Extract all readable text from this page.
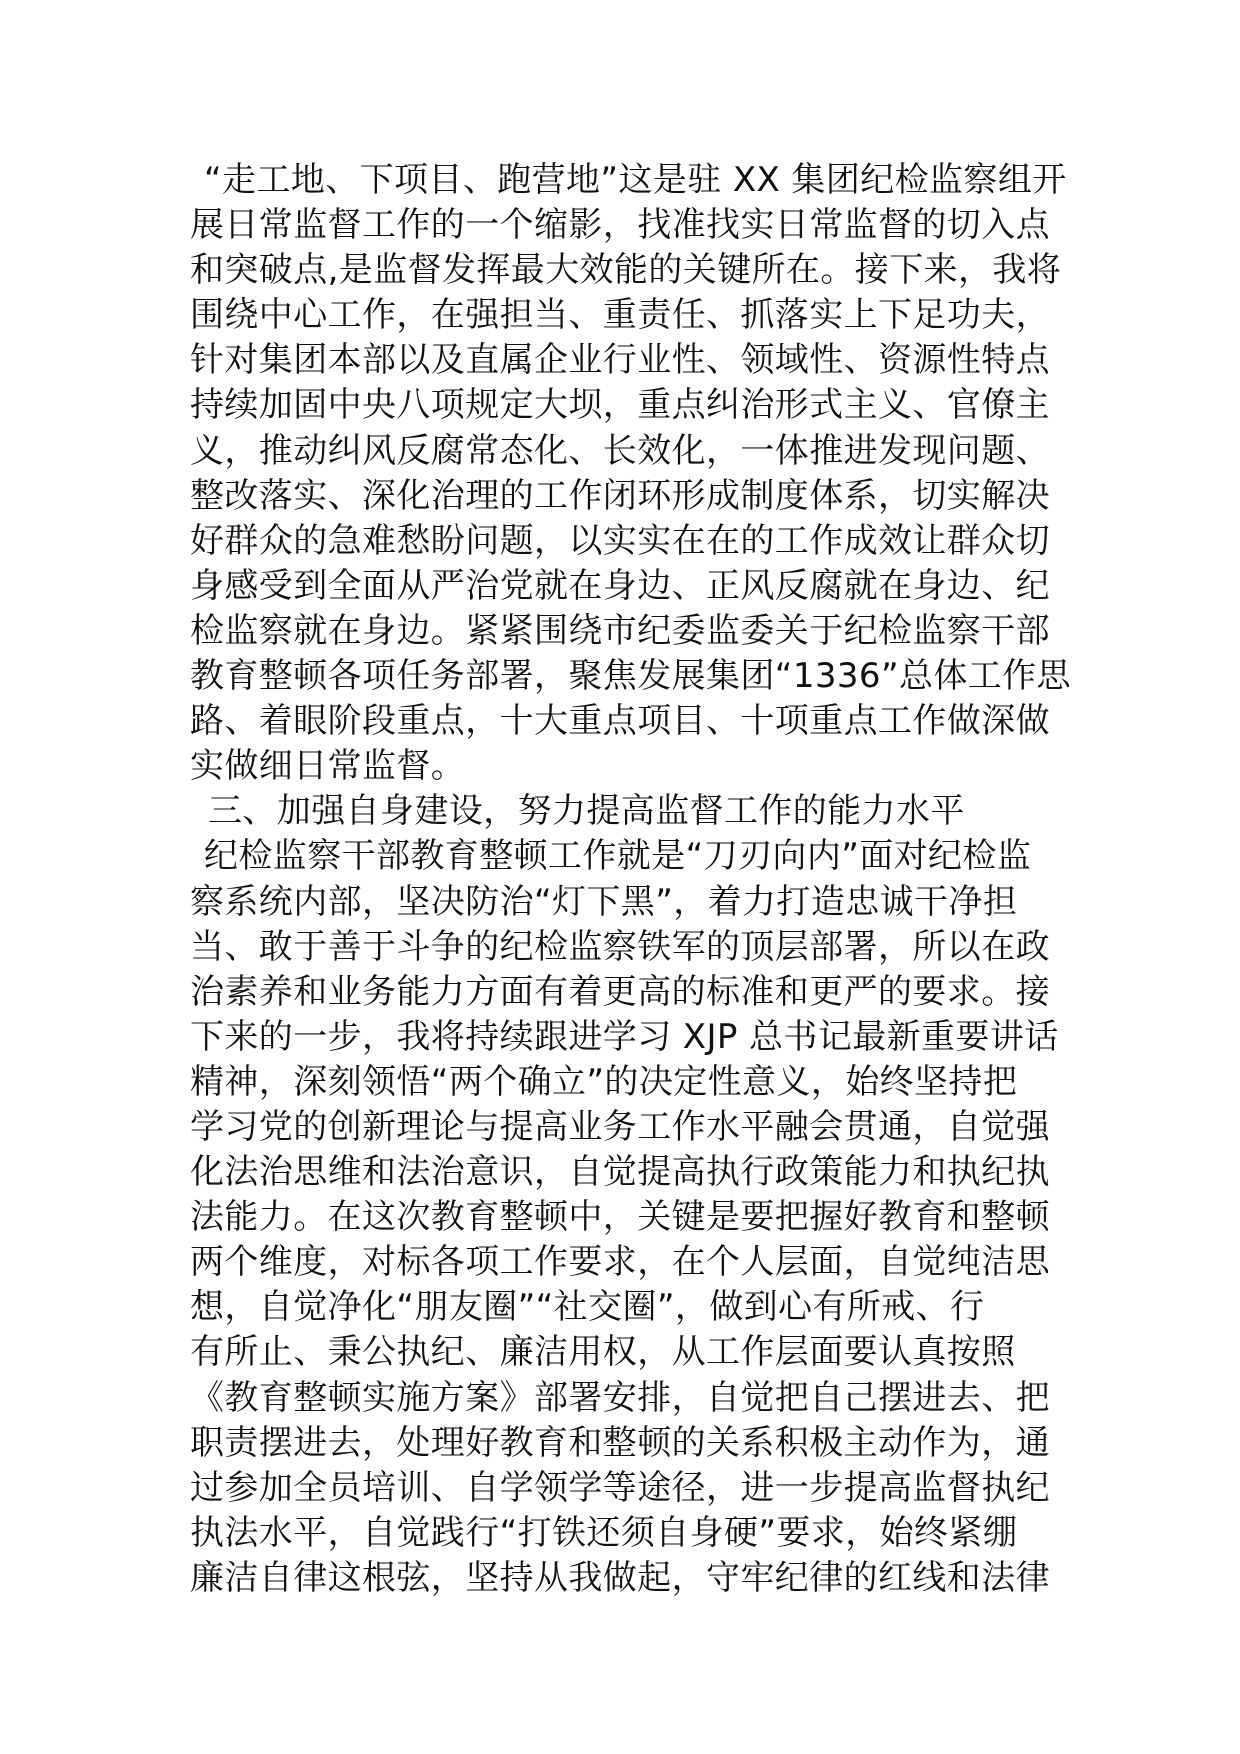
“走工地、下项目、跑营地”这是驻 XX 集团纪检监察组开
展日常监督工作的一个缩影，找准找实日常监督的切入点
和突破点,是监督发挥最大效能的关键所在。接下来，我将
围绕中心工作，在强担当、重责任、抓落实上下足功夫，
针对集团本部以及直属企业行业性、领域性、资源性特点
持续加固中央八项规定大坝，重点纠治形式主义、官僚主
义，推动纠风反腐常态化、长效化，一体推进发现问题、
整改落实、深化治理的工作闭环形成制度体系，切实解决
好群众的急难愁盼问题，以实实在在的工作成效让群众切
身感受到全面从严治党就在身边、正风反腐就在身边、纪
检监察就在身边。紧紧围绕市纪委监委关于纪检监察干部
教育整顿各项任务部署，聚焦发展集团“1336”总体工作思
路、着眼阶段重点，十大重点项目、十项重点工作做深做
实做细日常监督。
三、加强自身建设，努力提高监督工作的能力水平
纪检监察干部教育整顿工作就是“刀刃向内”面对纪检监
察系统内部，坚决防治“灯下黑”，着力打造忠诚干净担
当、敢于善于斗争的纪检监察铁军的顶层部署，所以在政
治素养和业务能力方面有着更高的标准和更严的要求。接
下来的一步，我将持续跟进学习 XJP 总书记最新重要讲话
精神，深刻领悟“两个确立”的决定性意义，始终坚持把
学习党的创新理论与提高业务工作水平融会贯通，自觉强
化法治思维和法治意识，自觉提高执行政策能力和执纪执
法能力。在这次教育整顿中，关键是要把握好教育和整顿
两个维度，对标各项工作要求，在个人层面，自觉纯洁思
想，自觉净化“朋友圈”“社交圈”，做到心有所戒、行
有所止、秉公执纪、廉洁用权，从工作层面要认真按照
《教育整顿实施方案》部署安排，自觉把自己摆进去、把
职责摆进去，处理好教育和整顿的关系积极主动作为，通
过参加全员培训、自学领学等途径，进一步提高监督执纪
执法水平，自觉践行“打铁还须自身硬”要求，始终紧绷
廉洁自律这根弦，坚持从我做起，守牢纪律的红线和法律
